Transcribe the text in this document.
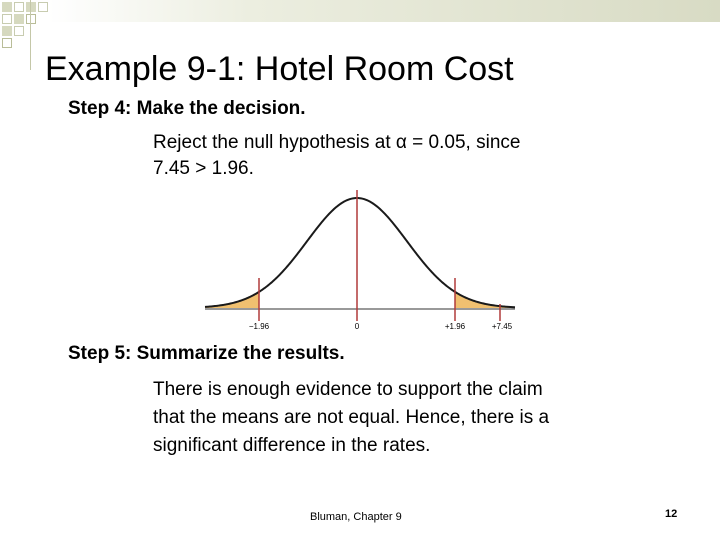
Example 9-1: Hotel Room Cost
Step 4: Make the decision.
Reject the null hypothesis at α = 0.05, since
7.45 > 1.96.
−1.96	0	+1.96	+7.45
Step 5: Summarize the results.
There is enough evidence to support the claim
that the means are not equal. Hence, there is a
significant difference in the rates.
Bluman, Chapter 9	12
